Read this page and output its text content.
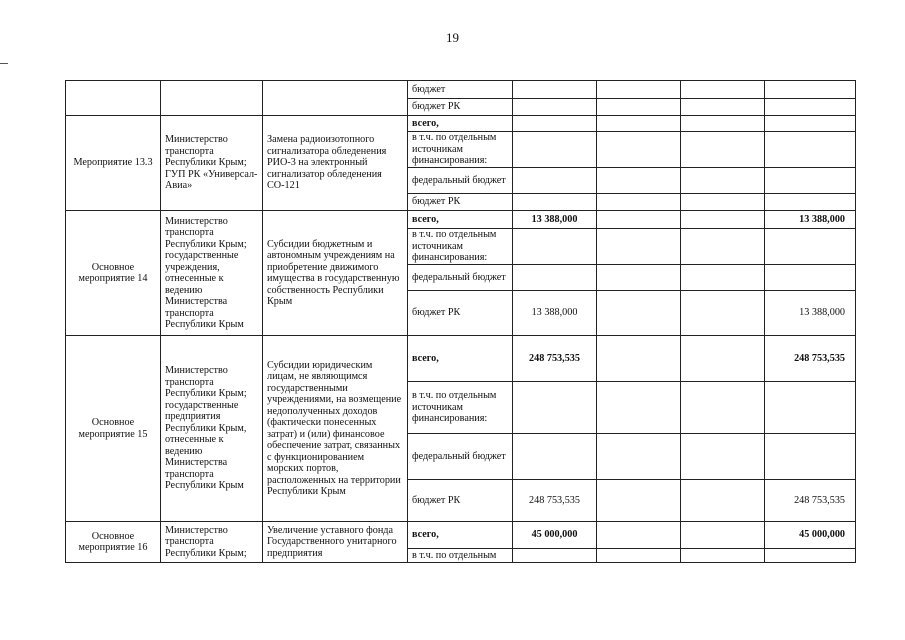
19
			бюджет				
			бюджет РК				
Мероприятие 13.3	Министерство транспорта Республики Крым; ГУП РК «Универсал-Авиа»	Замена радиоизотопного сигнализатора обледенения РИО-3 на электронный сигнализатор обледенения СО-121	всего,				
			в т.ч. по отдельным источникам финансирования:				
			федеральный бюджет				
			бюджет РК				
Основное мероприятие 14	Министерство транспорта Республики Крым; государственные учреждения, отнесенные к ведению Министерства транспорта Республики Крым	Субсидии бюджетным и автономным учреждениям на приобретение движимого имущества в государственную собственность Республики Крым	всего,	13 388,000			13 388,000
			в т.ч. по отдельным источникам финансирования:				
			федеральный бюджет				
			бюджет РК	13 388,000			13 388,000
Основное мероприятие 15	Министерство транспорта Республики Крым; государственные предприятия Республики Крым, отнесенные к ведению Министерства транспорта Республики Крым	Субсидии юридическим лицам, не являющимся государственными учреждениями, на возмещение недополученных доходов (фактически понесенных затрат) и (или) финансовое обеспечение затрат, связанных с функционированием морских портов, расположенных на территории Республики Крым	всего,	248 753,535			248 753,535
			в т.ч. по отдельным источникам финансирования:				
			федеральный бюджет				
			бюджет РК	248 753,535			248 753,535
Основное мероприятие 16	Министерство транспорта Республики Крым;	Увеличение уставного фонда Государственного унитарного предприятия	всего,	45 000,000			45 000,000
			в т.ч. по отдельным				
